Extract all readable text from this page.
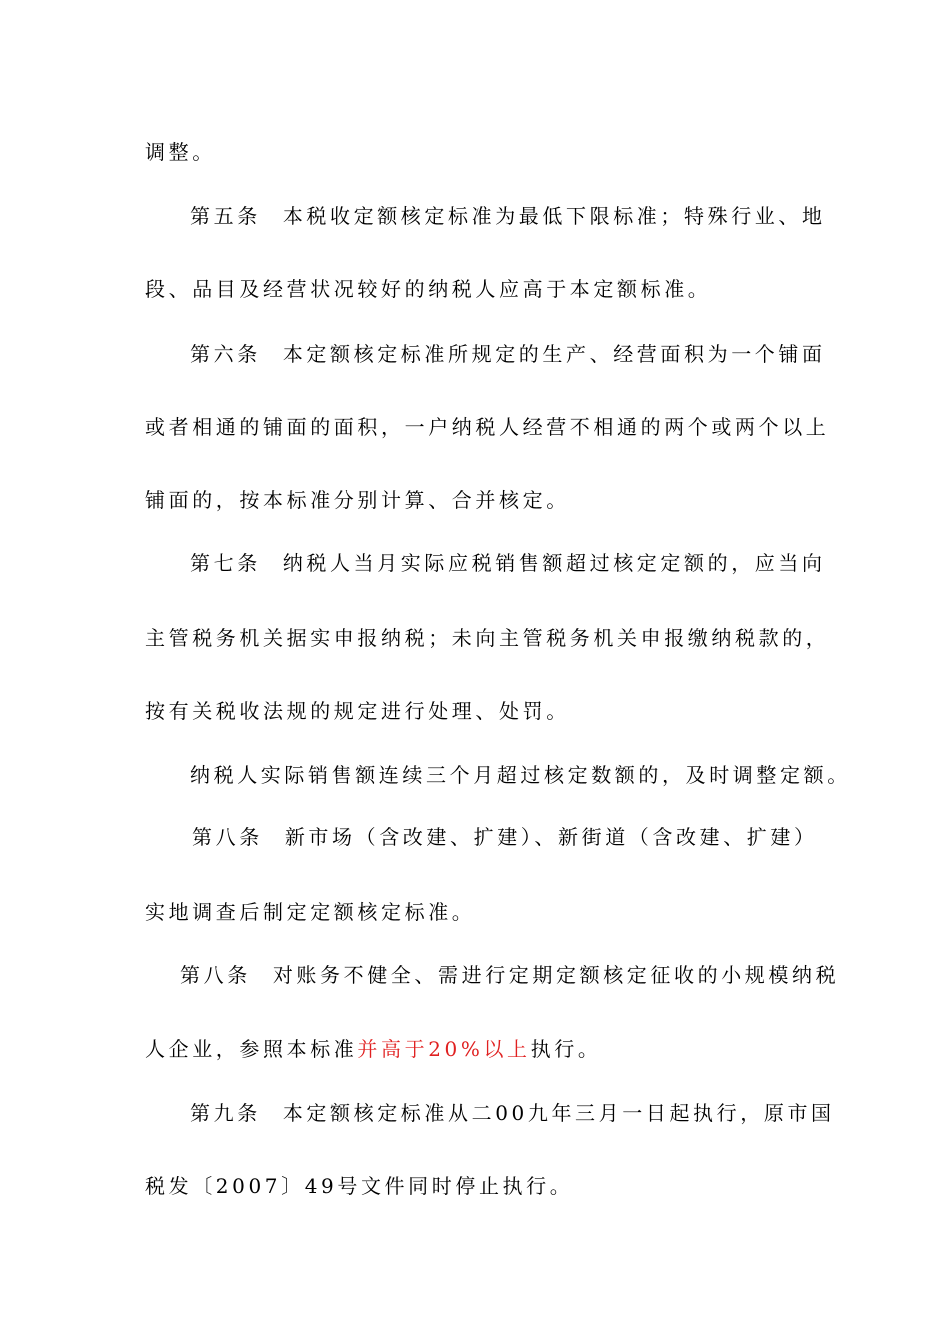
调整。
第五条 本税收定额核定标准为最低下限标准；特殊行业、地
段、品目及经营状况较好的纳税人应高于本定额标准。
第六条 本定额核定标准所规定的生产、经营面积为一个铺面
或者相通的铺面的面积，一户纳税人经营不相通的两个或两个以上
铺面的，按本标准分别计算、合并核定。
第七条 纳税人当月实际应税销售额超过核定定额的，应当向
主管税务机关据实申报纳税；未向主管税务机关申报缴纳税款的，
按有关税收法规的规定进行处理、处罚。
纳税人实际销售额连续三个月超过核定数额的，及时调整定额。
第八条 新市场（含改建、扩建）、新街道（含改建、扩建）
实地调查后制定定额核定标准。
第八条 对账务不健全、需进行定期定额核定征收的小规模纳税
人企业，参照本标准并高于20%以上执行。
第九条 本定额核定标准从二00九年三月一日起执行，原市国
税发〔2007〕49号文件同时停止执行。
